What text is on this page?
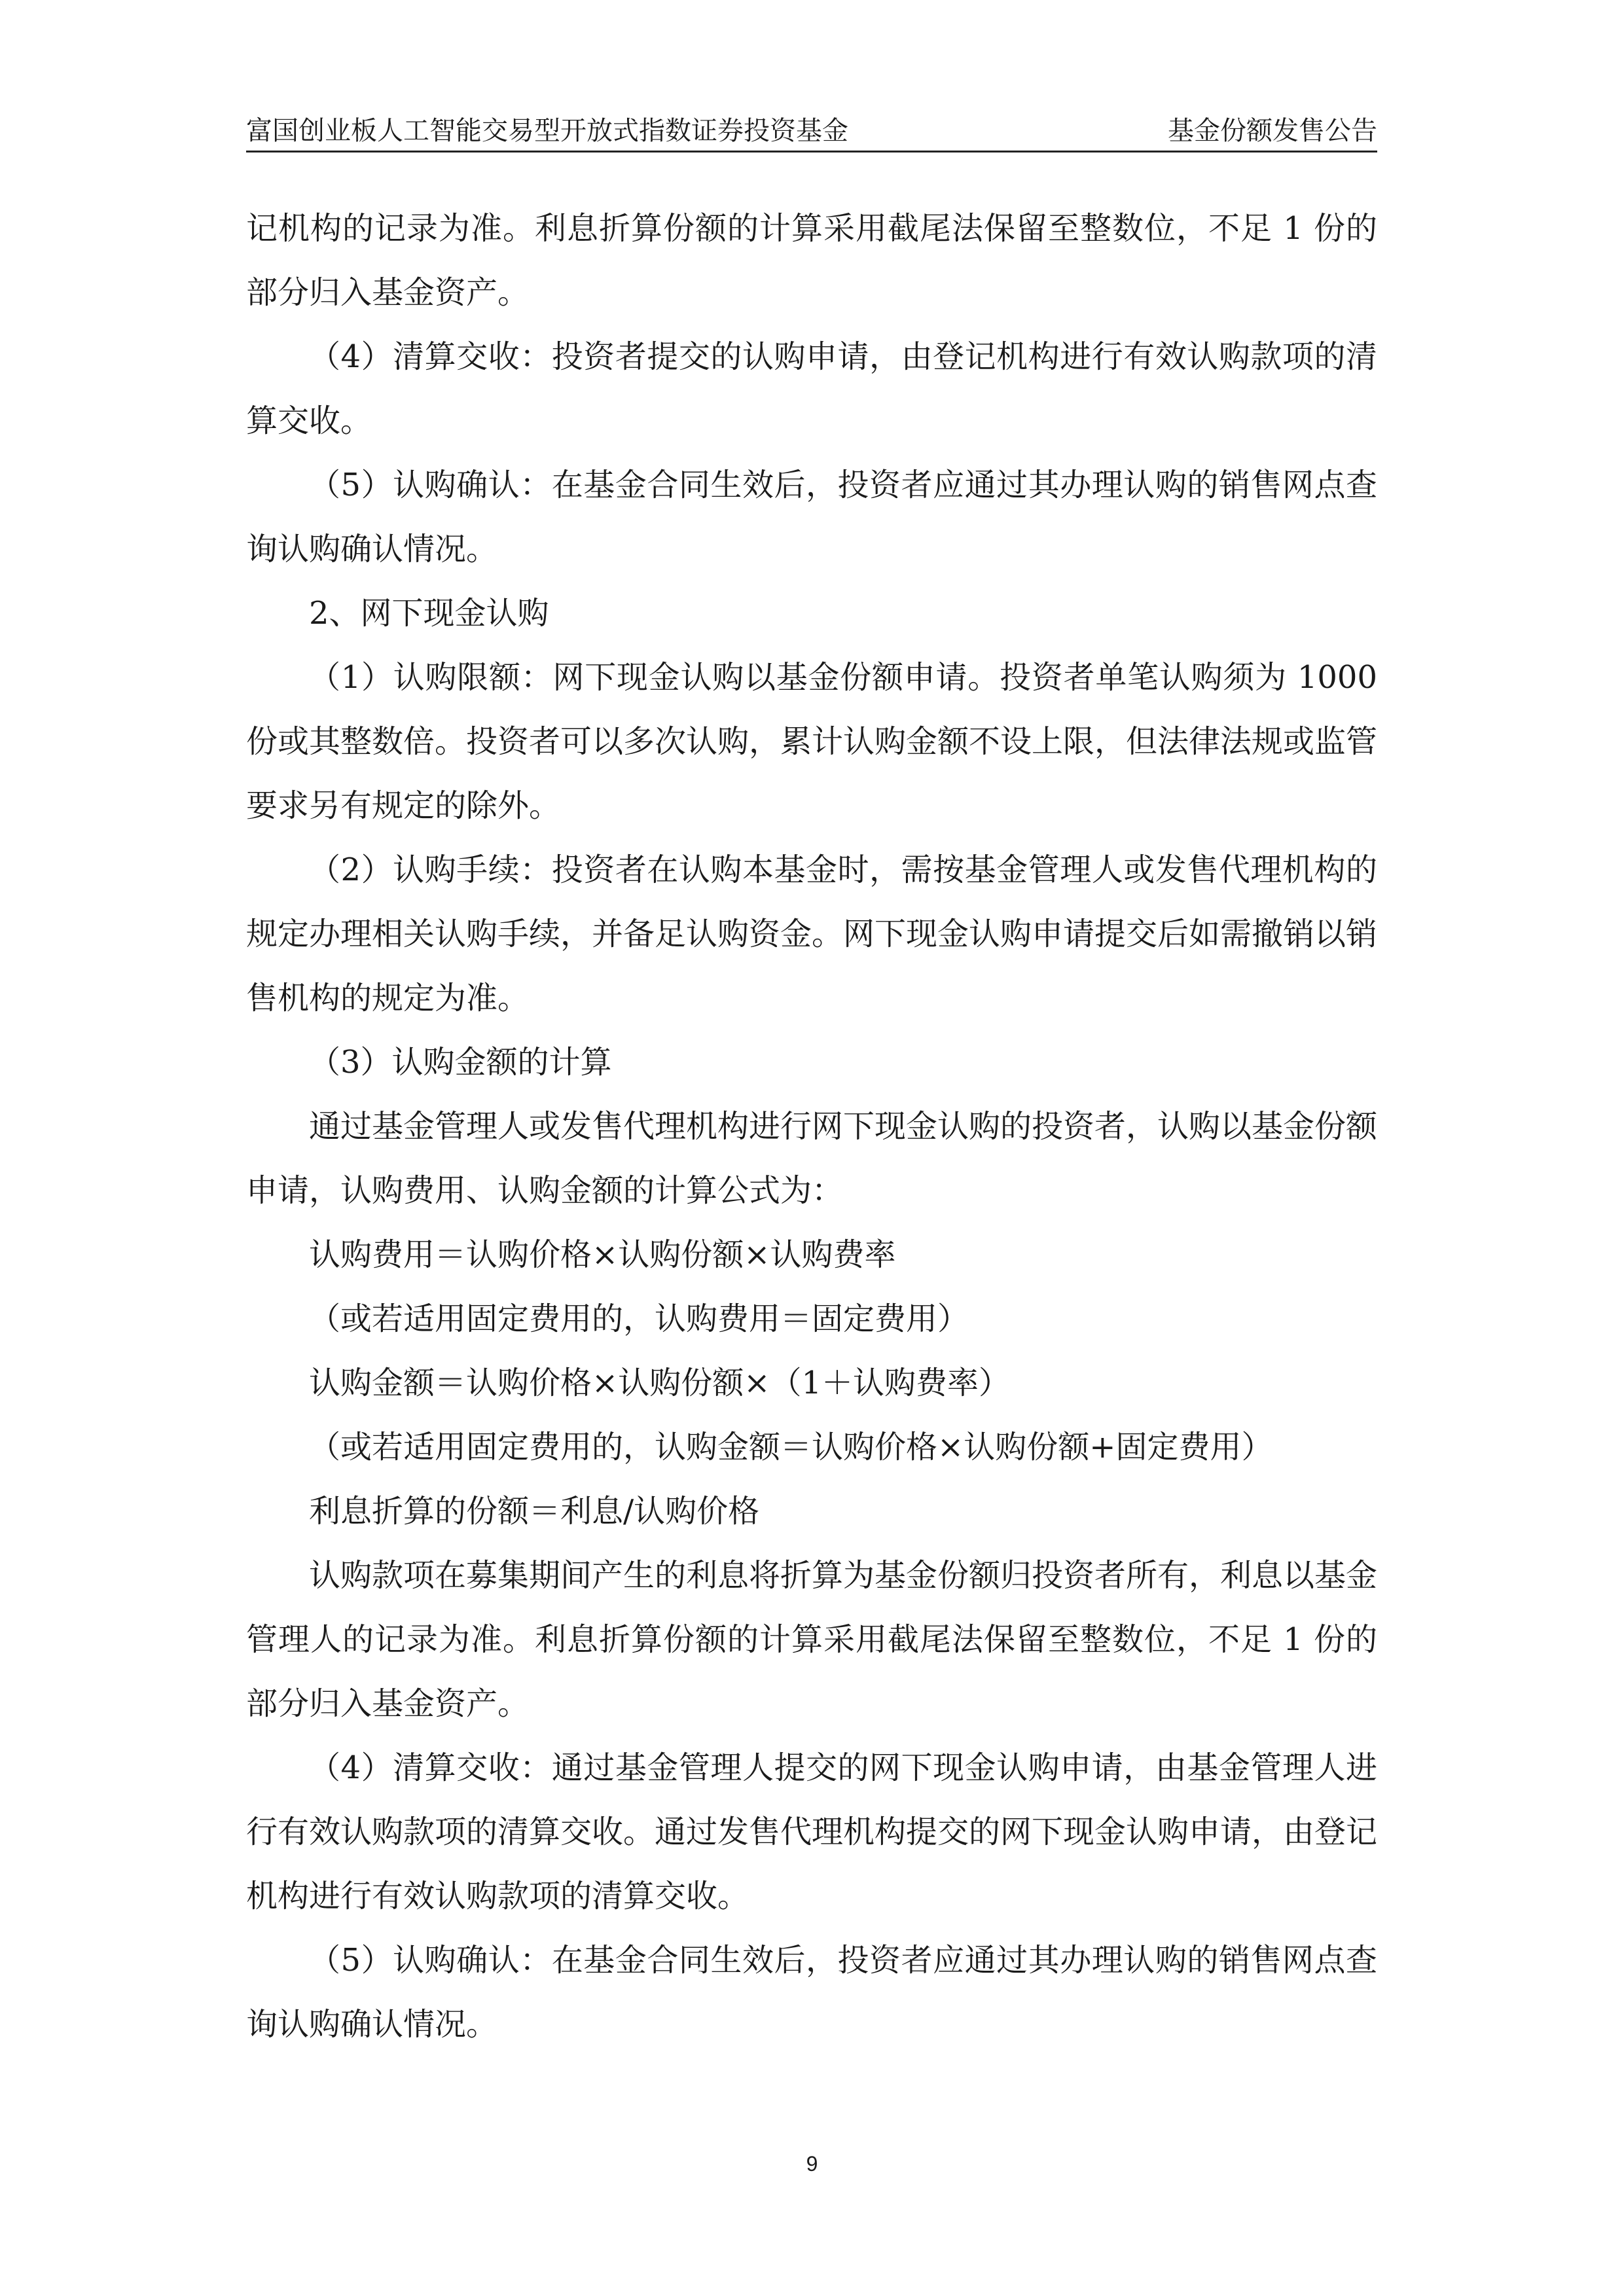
富国创业板人工智能交易型开放式指数证券投资基金	基金份额发售公告

记机构的记录为准。利息折算份额的计算采用截尾法保留至整数位，不足 1 份的部分归入基金资产。

（4）清算交收：投资者提交的认购申请，由登记机构进行有效认购款项的清算交收。

（5）认购确认：在基金合同生效后，投资者应通过其办理认购的销售网点查询认购确认情况。

2、网下现金认购

（1）认购限额：网下现金认购以基金份额申请。投资者单笔认购须为 1000 份或其整数倍。投资者可以多次认购，累计认购金额不设上限，但法律法规或监管要求另有规定的除外。

（2）认购手续：投资者在认购本基金时，需按基金管理人或发售代理机构的规定办理相关认购手续，并备足认购资金。网下现金认购申请提交后如需撤销以销售机构的规定为准。

（3）认购金额的计算

通过基金管理人或发售代理机构进行网下现金认购的投资者，认购以基金份额申请，认购费用、认购金额的计算公式为：

认购费用＝认购价格×认购份额×认购费率

（或若适用固定费用的，认购费用＝固定费用）

认购金额＝认购价格×认购份额×（1＋认购费率）

（或若适用固定费用的，认购金额＝认购价格×认购份额+固定费用）

利息折算的份额＝利息/认购价格

认购款项在募集期间产生的利息将折算为基金份额归投资者所有，利息以基金管理人的记录为准。利息折算份额的计算采用截尾法保留至整数位，不足 1 份的部分归入基金资产。

（4）清算交收：通过基金管理人提交的网下现金认购申请，由基金管理人进行有效认购款项的清算交收。通过发售代理机构提交的网下现金认购申请，由登记机构进行有效认购款项的清算交收。

（5）认购确认：在基金合同生效后，投资者应通过其办理认购的销售网点查询认购确认情况。

9
